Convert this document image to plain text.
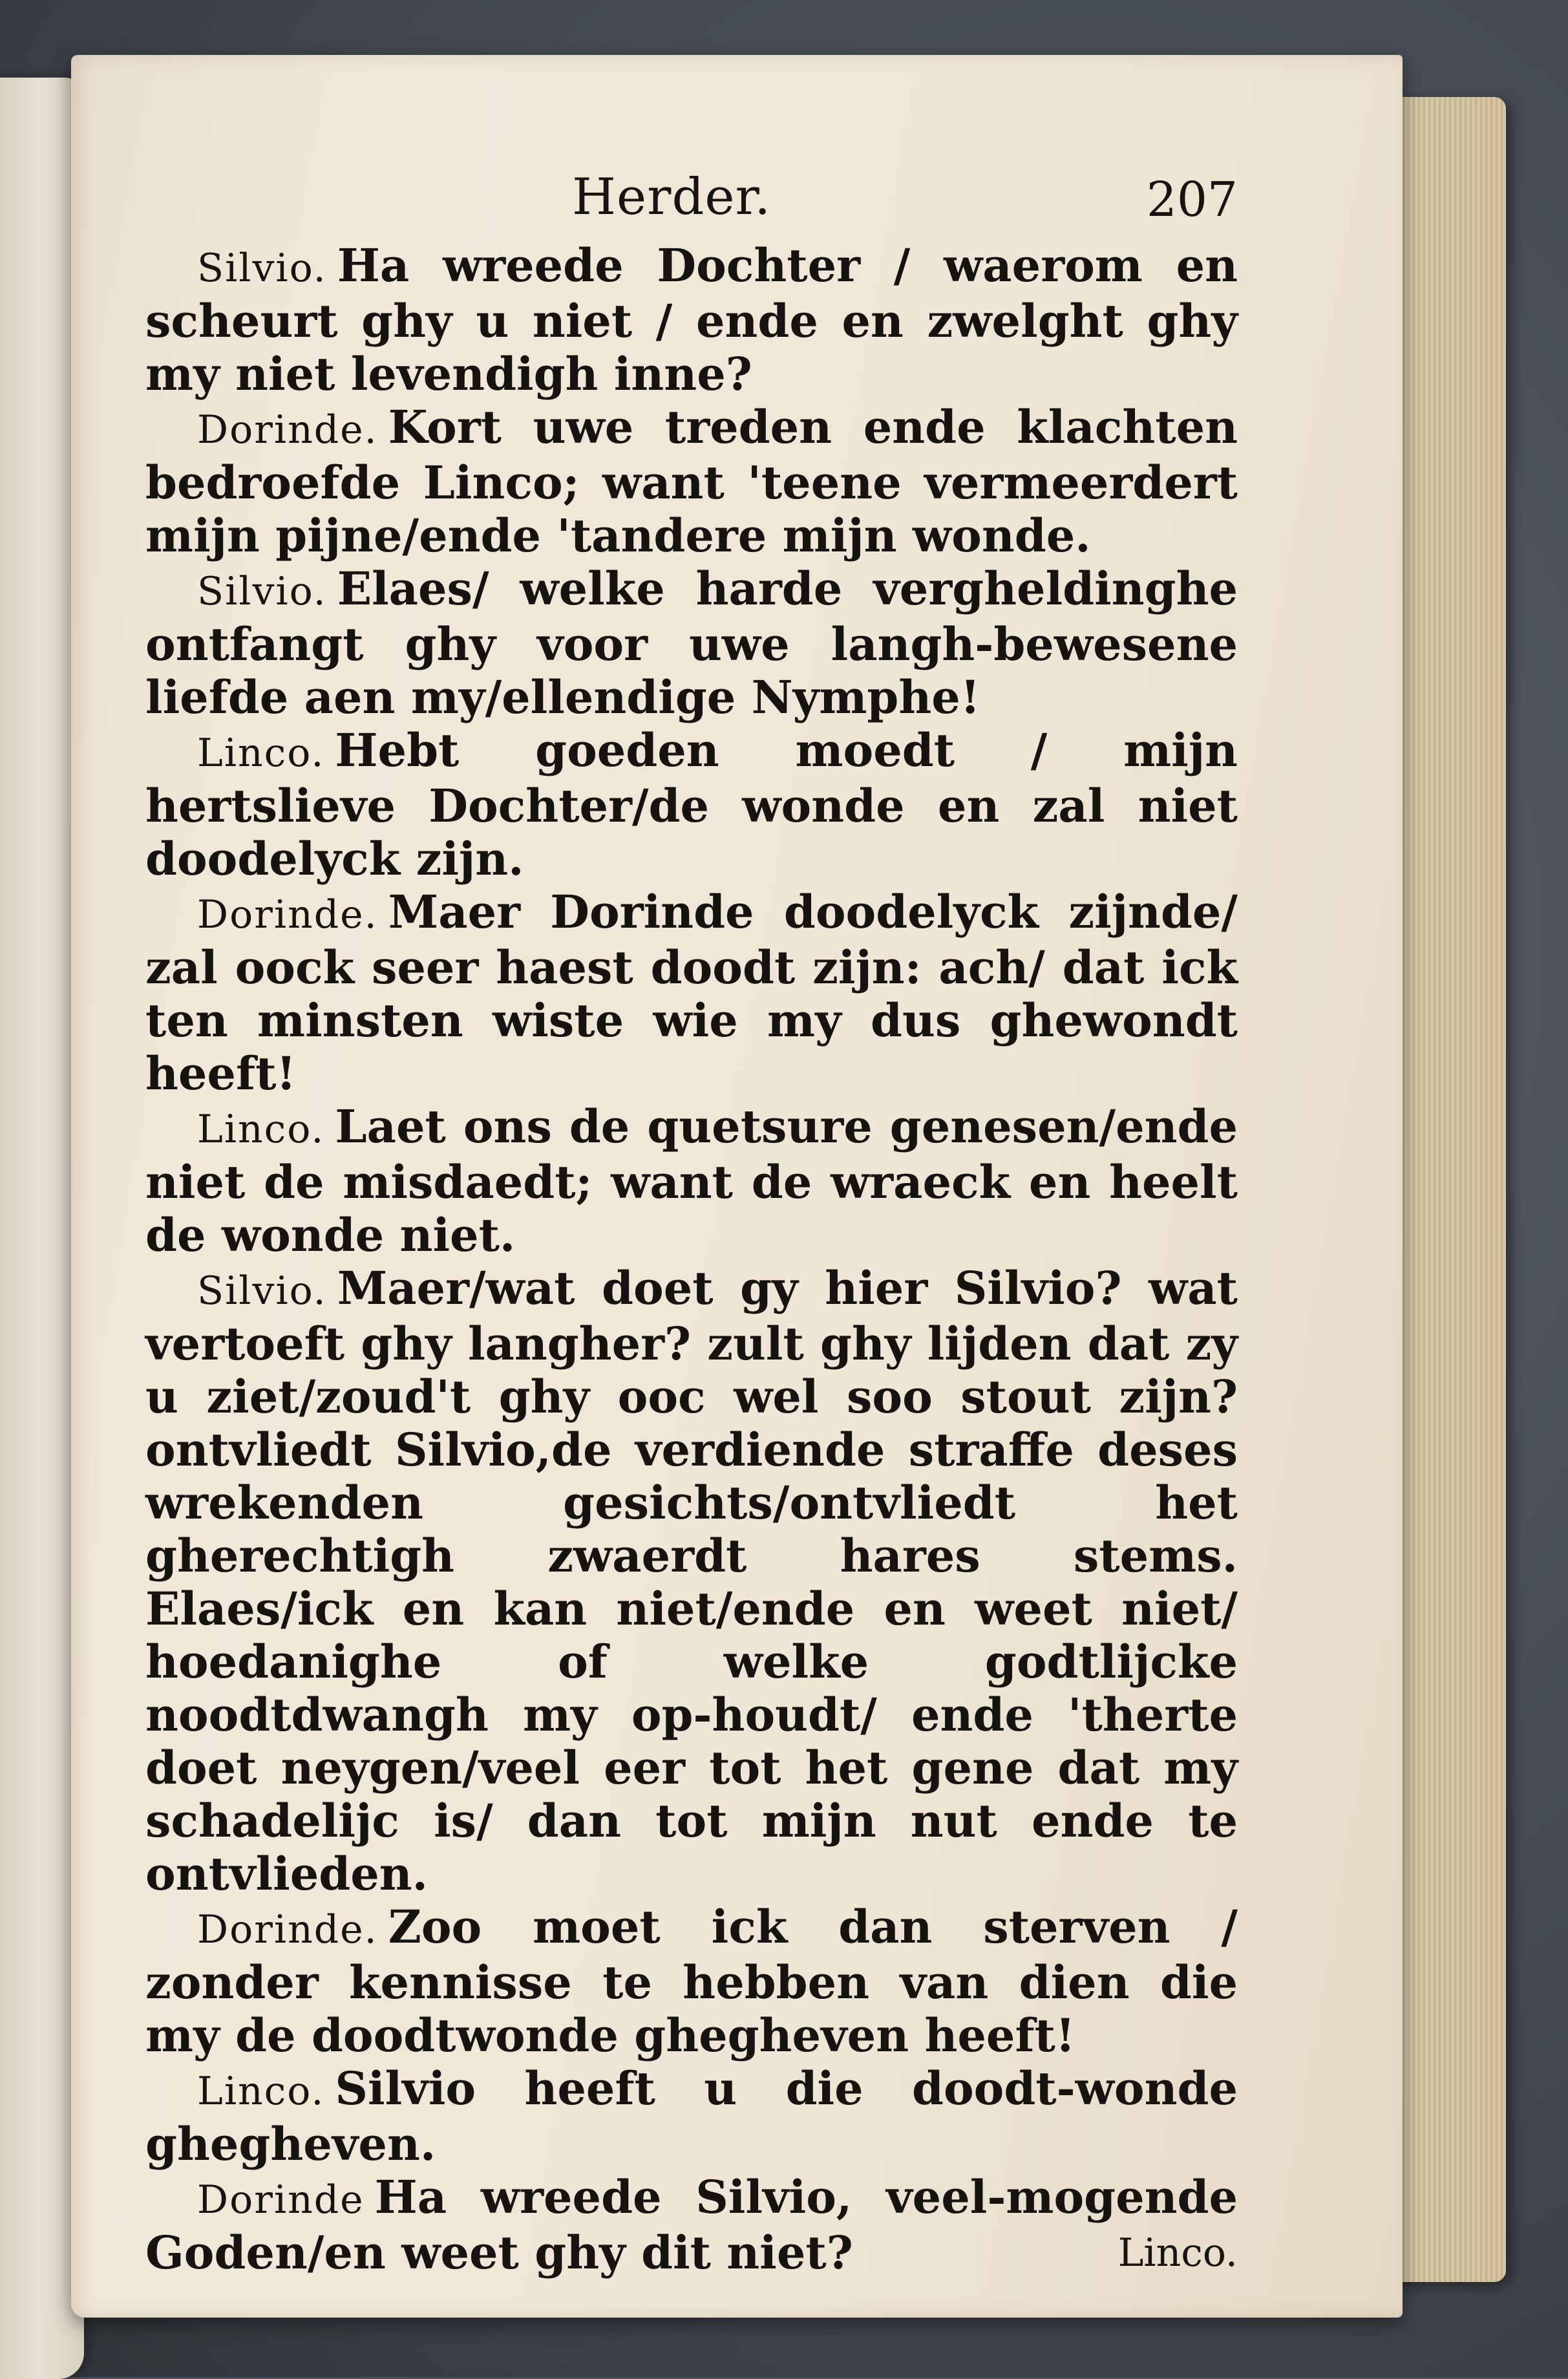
Herder.	207

Silvio. Ha wreede Dochter / waerom en scheurt ghy u niet / ende en zwelght ghy my niet levendigh inne?

Dorinde. Kort uwe treden ende klachten bedroefde Linco; want 'teene vermeerdert mijn pijne/ende 'tandere mijn wonde.

Silvio. Elaes/ welke harde vergheldinghe ontfangt ghy voor uwe langh-bewesene liefde aen my/ellendige Nymphe!

Linco. Hebt goeden moedt / mijn hertslieve Dochter/de wonde en zal niet doodelyck zijn.

Dorinde. Maer Dorinde doodelyck zijnde/ zal oock seer haest doodt zijn: ach/ dat ick ten minsten wiste wie my dus ghewondt heeft!

Linco. Laet ons de quetsure genesen/ende niet de misdaedt; want de wraeck en heelt de wonde niet.

Silvio. Maer/wat doet gy hier Silvio? wat vertoeft ghy langher? zult ghy lijden dat zy u ziet/zoud't ghy ooc wel soo stout zijn? ontvliedt Silvio,de verdiende straffe deses wrekenden gesichts/ontvliedt het gherechtigh zwaerdt hares stems. Elaes/ick en kan niet/ende en weet niet/ hoedanighe of welke godtlijcke noodtdwangh my op-houdt/ ende 'therte doet neygen/veel eer tot het gene dat my schadelijc is/ dan tot mijn nut ende te ontvlieden.

Dorinde. Zoo moet ick dan sterven / zonder kennisse te hebben van dien die my de doodtwonde ghegheven heeft!

Linco. Silvio heeft u die doodt-wonde ghegheven.

Dorinde Ha wreede Silvio, veel-mogende Goden/en weet ghy dit niet?	Linco.
